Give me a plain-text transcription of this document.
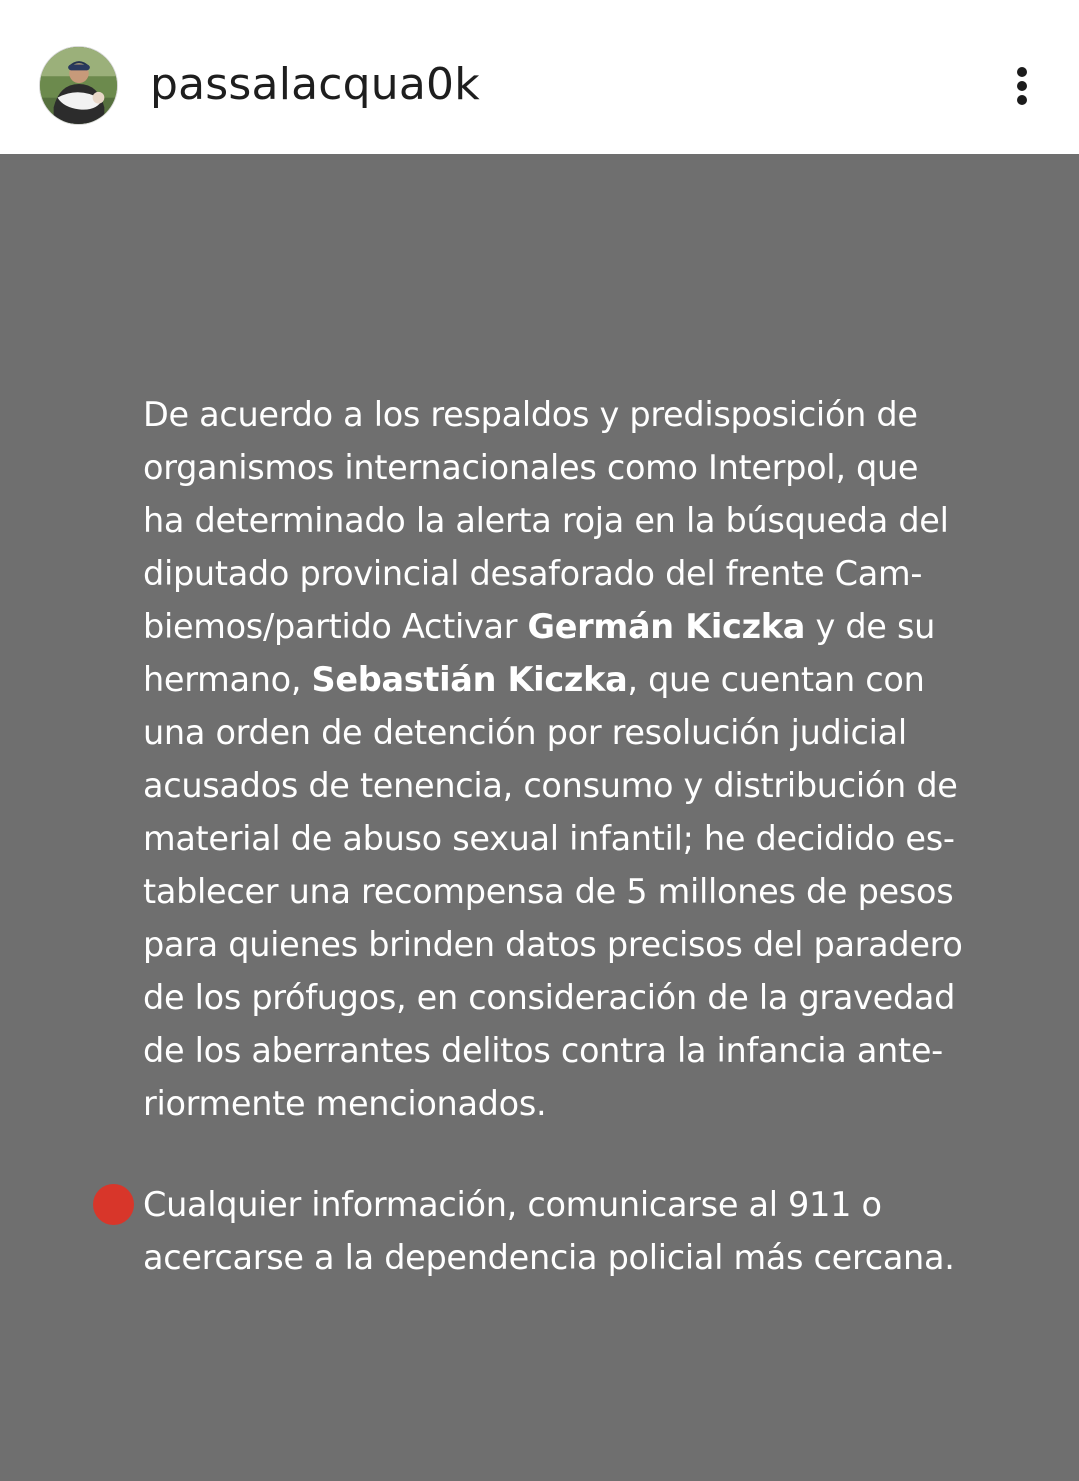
passalacqua0k

De acuerdo a los respaldos y predisposición de
organismos internacionales como Interpol, que
ha determinado la alerta roja en la búsqueda del
diputado provincial desaforado del frente Cam-
biemos/partido Activar Germán Kiczka y de su
hermano, Sebastián Kiczka, que cuentan con
una orden de detención por resolución judicial
acusados de tenencia, consumo y distribución de
material de abuso sexual infantil; he decidido es-
tablecer una recompensa de 5 millones de pesos
para quienes brinden datos precisos del paradero
de los prófugos, en consideración de la gravedad
de los aberrantes delitos contra la infancia ante-
riormente mencionados.

Cualquier información, comunicarse al 911 o
acercarse a la dependencia policial más cercana.
